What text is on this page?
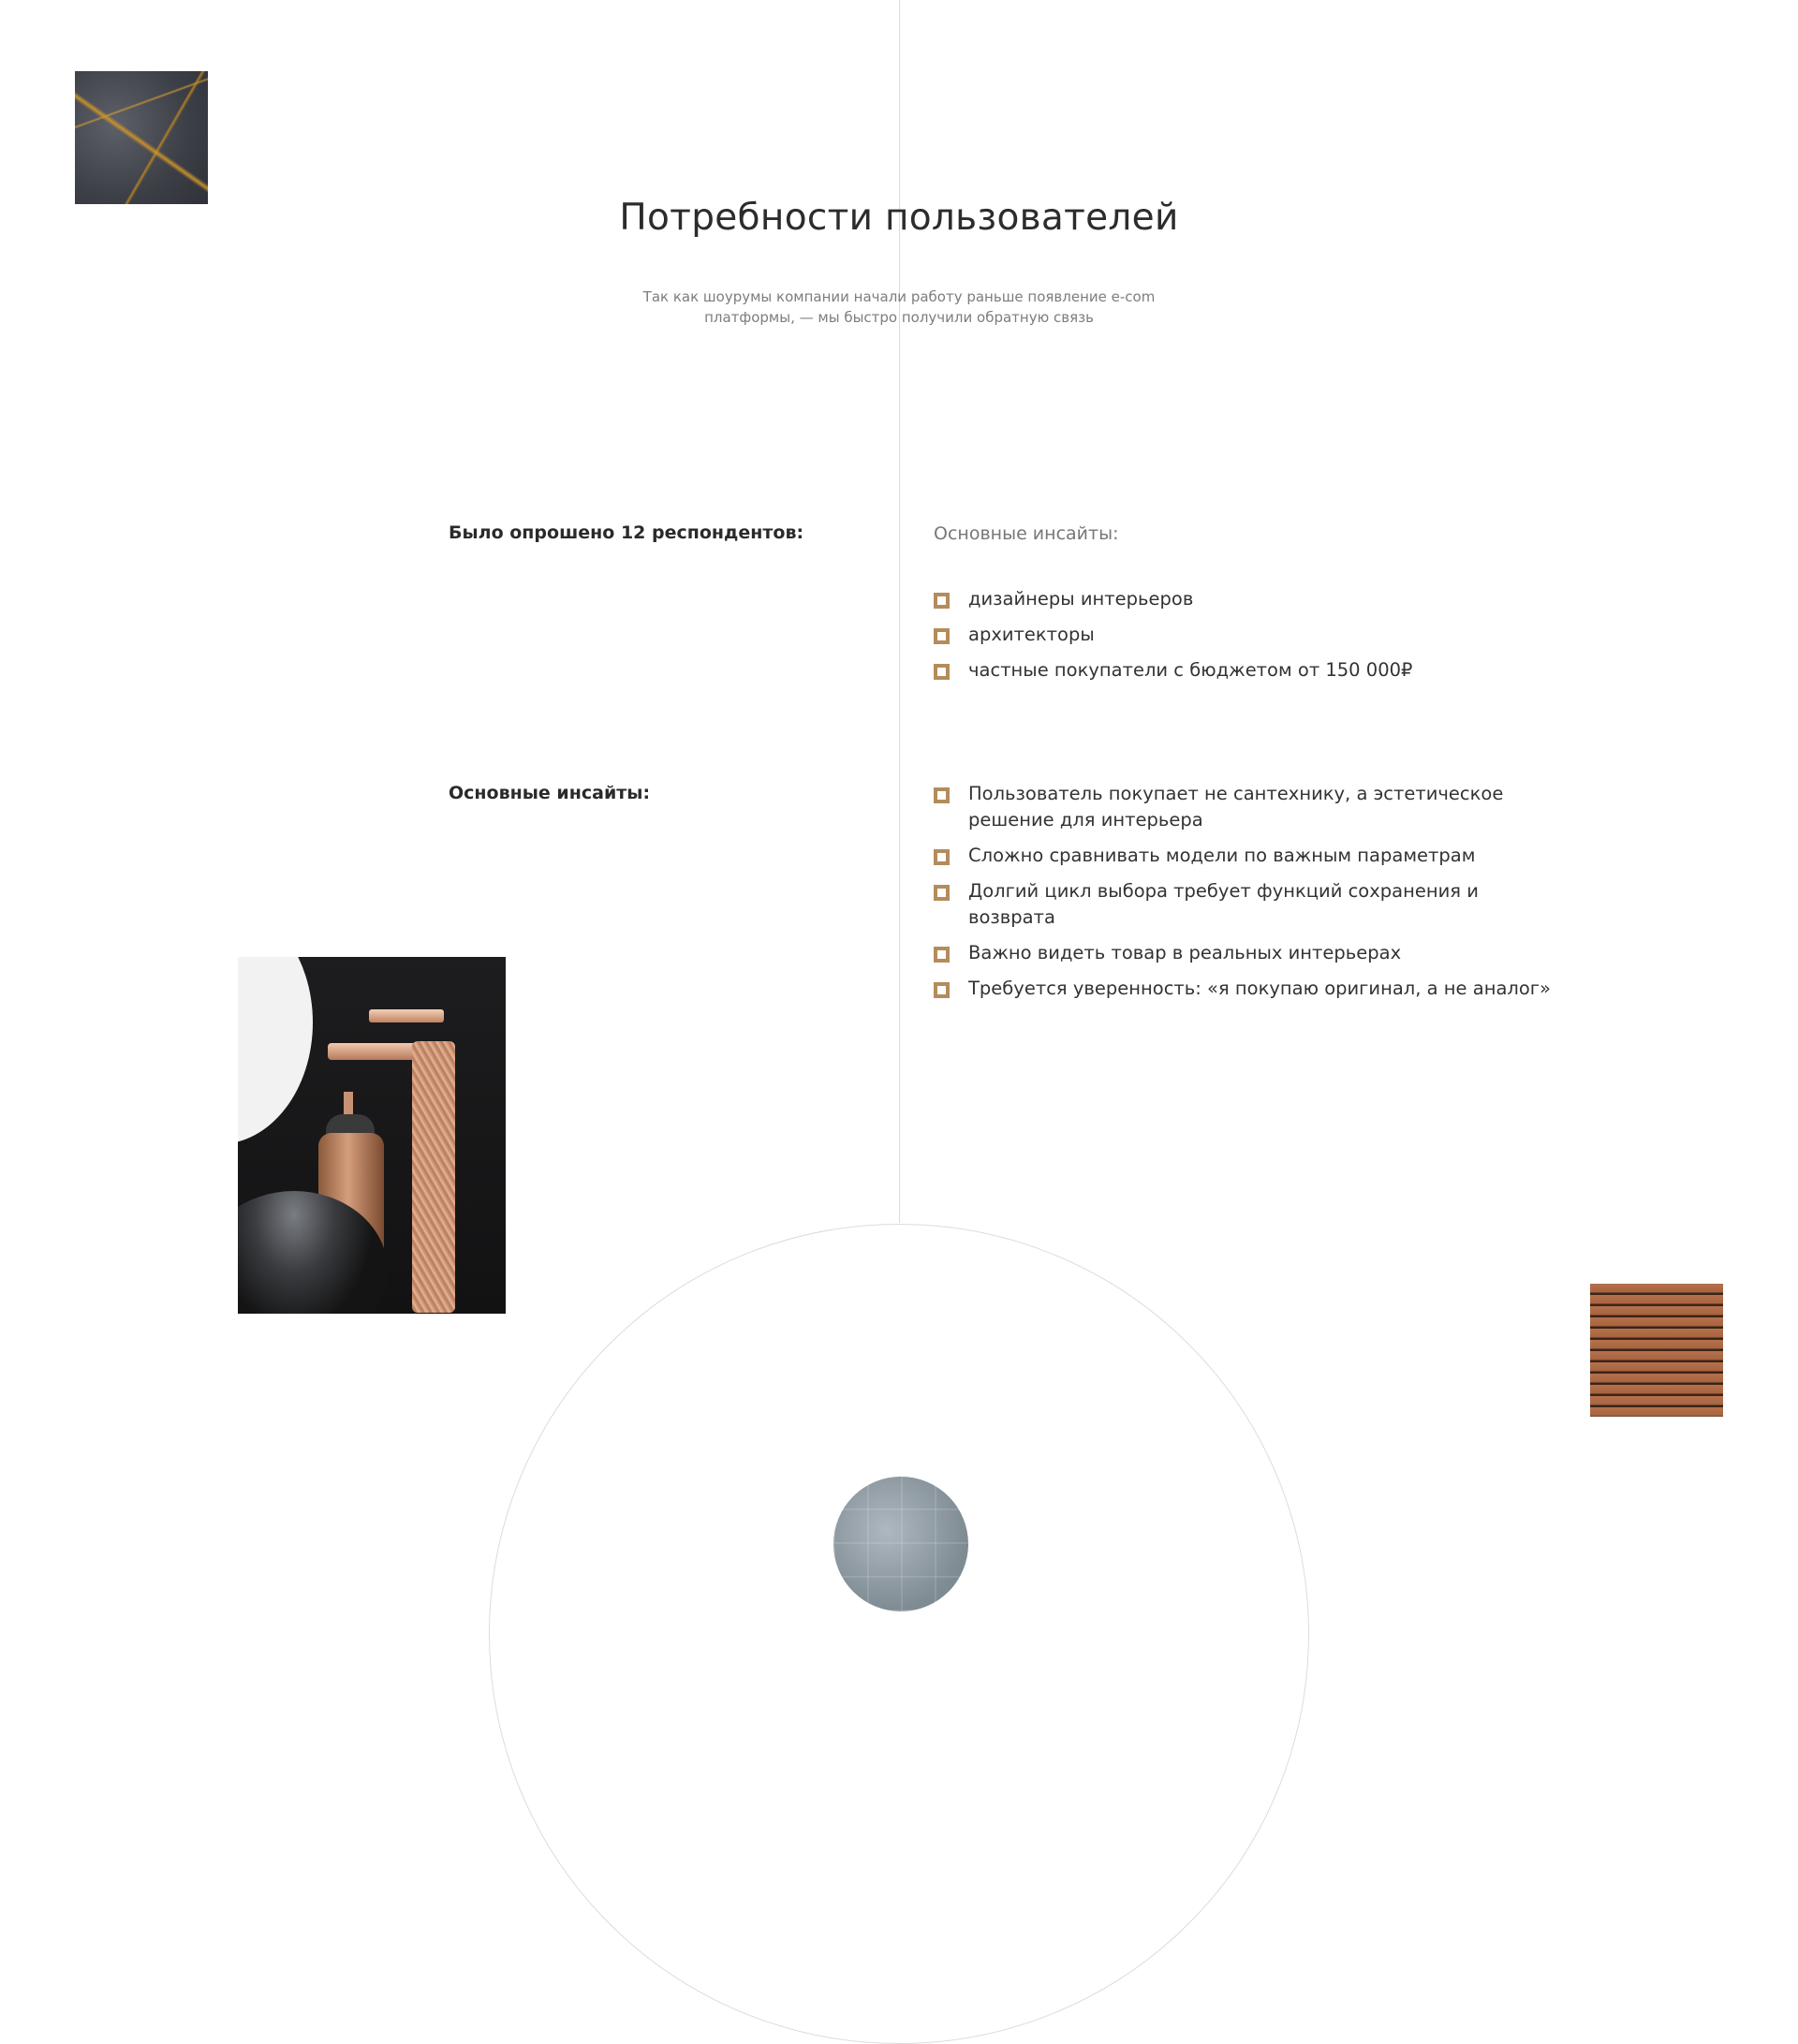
Потребности пользователей
Так как шоурумы компании начали работу раньше появление e-com
платформы, — мы быстро получили обратную связь

Было опрошено 12 респондентов:	Основные инсайты:

дизайнеры интерьеров
архитекторы
частные покупатели с бюджетом от 150 000₽

Основные инсайты:	Пользователь покупает не сантехнику, а эстетическое решение для интерьера
Сложно сравнивать модели по важным параметрам
Долгий цикл выбора требует функций сохранения и возврата
Важно видеть товар в реальных интерьерах
Требуется уверенность: «я покупаю оригинал, а не аналог»
